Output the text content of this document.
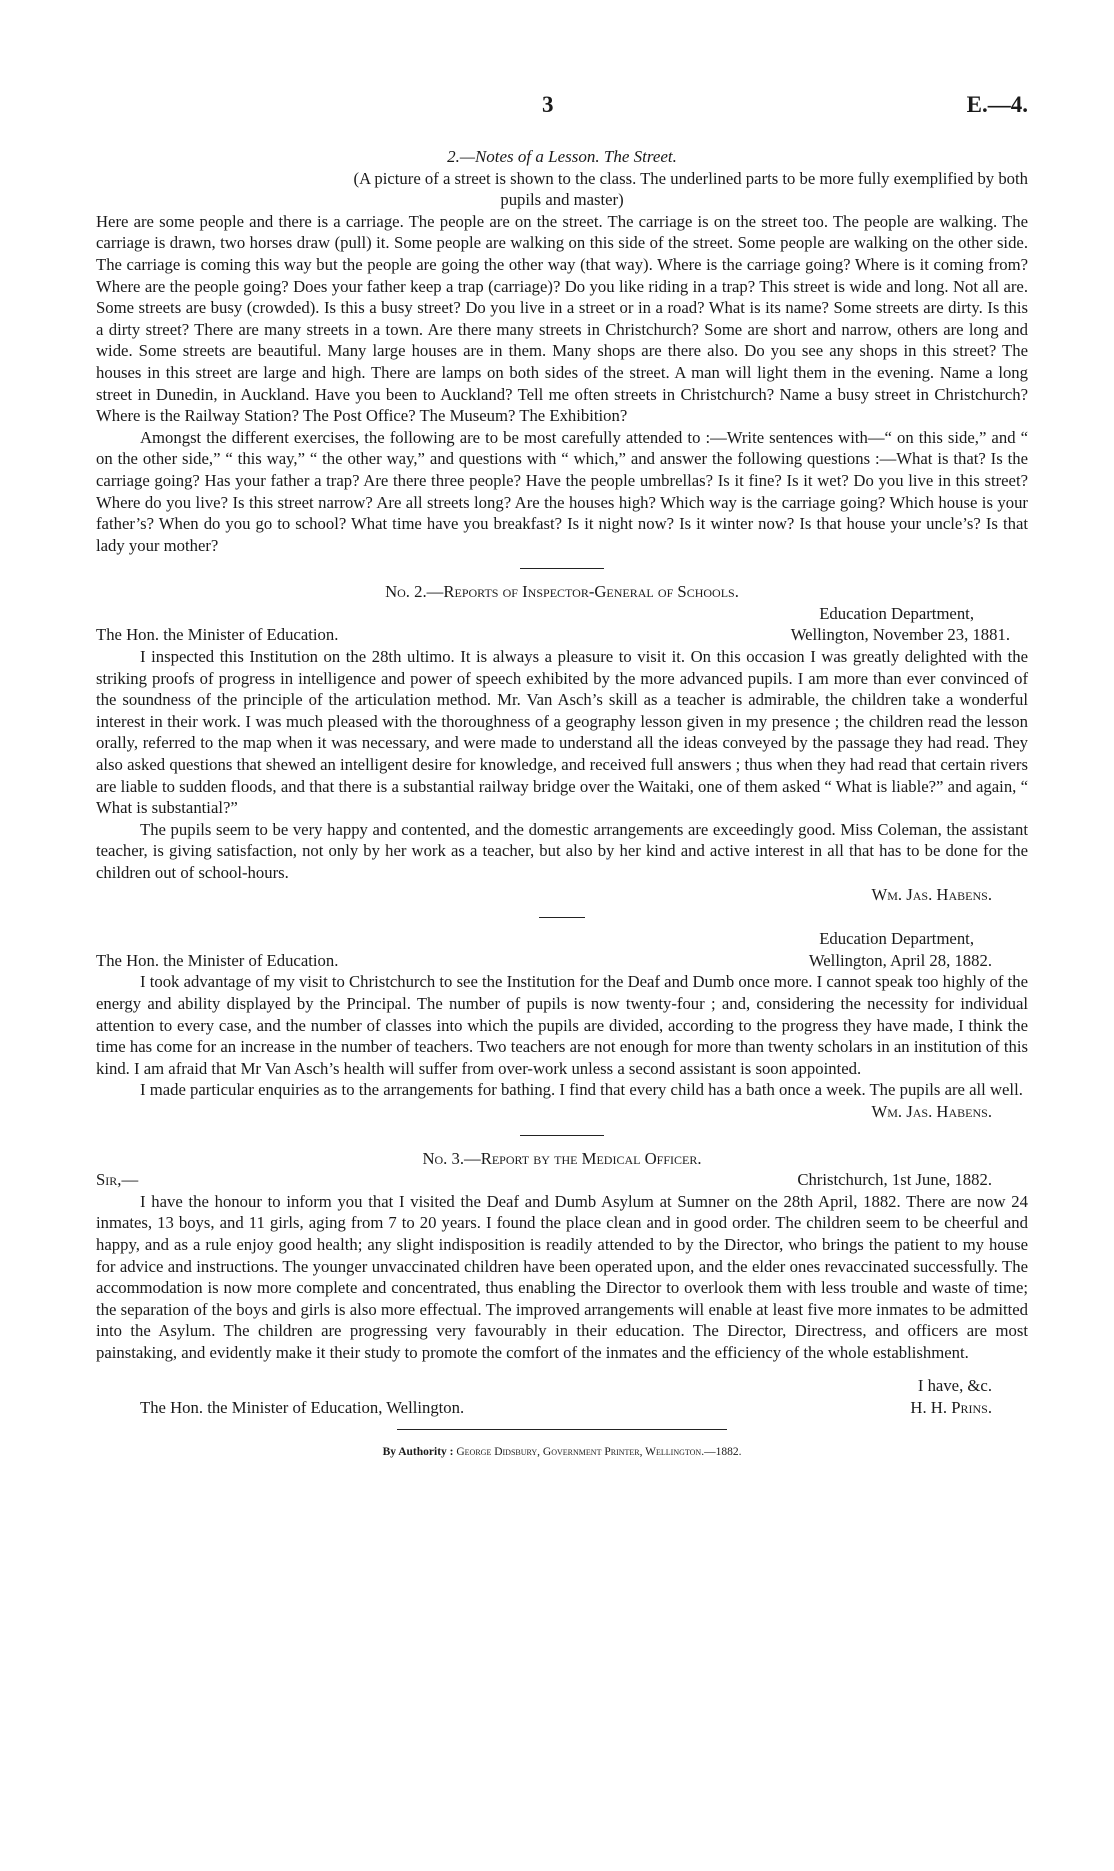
3	E.—4.

2.—Notes of a Lesson. The Street.

(A picture of a street is shown to the class. The underlined parts to be more fully exemplified by both

pupils and master)

Here are some people and there is a carriage. The people are on the street. The carriage is on the street too. The people are walking. The carriage is drawn, two horses draw (pull) it. Some people are walking on this side of the street. Some people are walking on the other side. The carriage is coming this way but the people are going the other way (that way). Where is the carriage going? Where is it coming from? Where are the people going? Does your father keep a trap (carriage)? Do you like riding in a trap? This street is wide and long. Not all are. Some streets are busy (crowded). Is this a busy street? Do you live in a street or in a road? What is its name? Some streets are dirty. Is this a dirty street? There are many streets in a town. Are there many streets in Christchurch? Some are short and narrow, others are long and wide. Some streets are beautiful. Many large houses are in them. Many shops are there also. Do you see any shops in this street? The houses in this street are large and high. There are lamps on both sides of the street. A man will light them in the evening. Name a long street in Dunedin, in Auckland. Have you been to Auckland? Tell me often streets in Christchurch? Name a busy street in Christchurch? Where is the Railway Station? The Post Office? The Museum? The Exhibition?

Amongst the different exercises, the following are to be most carefully attended to :—Write sentences with—“ on this side,” and “ on the other side,” “ this way,” “ the other way,” and questions with “ which,” and answer the following questions :—What is that? Is the carriage going? Has your father a trap? Are there three people? Have the people umbrellas? Is it fine? Is it wet? Do you live in this street? Where do you live? Is this street narrow? Are all streets long? Are the houses high? Which way is the carriage going? Which house is your father’s? When do you go to school? What time have you breakfast? Is it night now? Is it winter now? Is that house your uncle’s? Is that lady your mother?

No. 2.—Reports of Inspector-General of Schools.

Education Department,

The Hon. the Minister of Education.	Wellington, November 23, 1881.

I inspected this Institution on the 28th ultimo. It is always a pleasure to visit it. On this occasion I was greatly delighted with the striking proofs of progress in intelligence and power of speech exhibited by the more advanced pupils. I am more than ever convinced of the soundness of the principle of the articulation method. Mr. Van Asch’s skill as a teacher is admirable, the children take a wonderful interest in their work. I was much pleased with the thoroughness of a geography lesson given in my presence ; the children read the lesson orally, referred to the map when it was necessary, and were made to understand all the ideas conveyed by the passage they had read. They also asked questions that shewed an intelligent desire for knowledge, and received full answers ; thus when they had read that certain rivers are liable to sudden floods, and that there is a substantial railway bridge over the Waitaki, one of them asked “ What is liable?” and again, “ What is substantial?”

The pupils seem to be very happy and contented, and the domestic arrangements are exceedingly good. Miss Coleman, the assistant teacher, is giving satisfaction, not only by her work as a teacher, but also by her kind and active interest in all that has to be done for the children out of school-hours.

Wm. Jas. Habens.

Education Department,

The Hon. the Minister of Education.	Wellington, April 28, 1882.

I took advantage of my visit to Christchurch to see the Institution for the Deaf and Dumb once more. I cannot speak too highly of the energy and ability displayed by the Principal. The number of pupils is now twenty-four ; and, considering the necessity for individual attention to every case, and the number of classes into which the pupils are divided, according to the progress they have made, I think the time has come for an increase in the number of teachers. Two teachers are not enough for more than twenty scholars in an institution of this kind. I am afraid that Mr Van Asch’s health will suffer from over-work unless a second assistant is soon appointed.

I made particular enquiries as to the arrangements for bathing. I find that every child has a bath once a week. The pupils are all well.

Wm. Jas. Habens.

No. 3.—Report by the Medical Officer.

Sir,—	Christchurch, 1st June, 1882.

I have the honour to inform you that I visited the Deaf and Dumb Asylum at Sumner on the 28th April, 1882. There are now 24 inmates, 13 boys, and 11 girls, aging from 7 to 20 years. I found the place clean and in good order. The children seem to be cheerful and happy, and as a rule enjoy good health; any slight indisposition is readily attended to by the Director, who brings the patient to my house for advice and instructions. The younger unvaccinated children have been operated upon, and the elder ones revaccinated successfully. The accommodation is now more complete and concentrated, thus enabling the Director to overlook them with less trouble and waste of time; the separation of the boys and girls is also more effectual. The improved arrangements will enable at least five more inmates to be admitted into the Asylum. The children are progressing very favourably in their education. The Director, Directress, and officers are most painstaking, and evidently make it their study to promote the comfort of the inmates and the efficiency of the whole establishment.

I have, &c.

The Hon. the Minister of Education, Wellington.	H. H. Prins.
By Authority : George Didsbury, Government Printer, Wellington.—1882.
